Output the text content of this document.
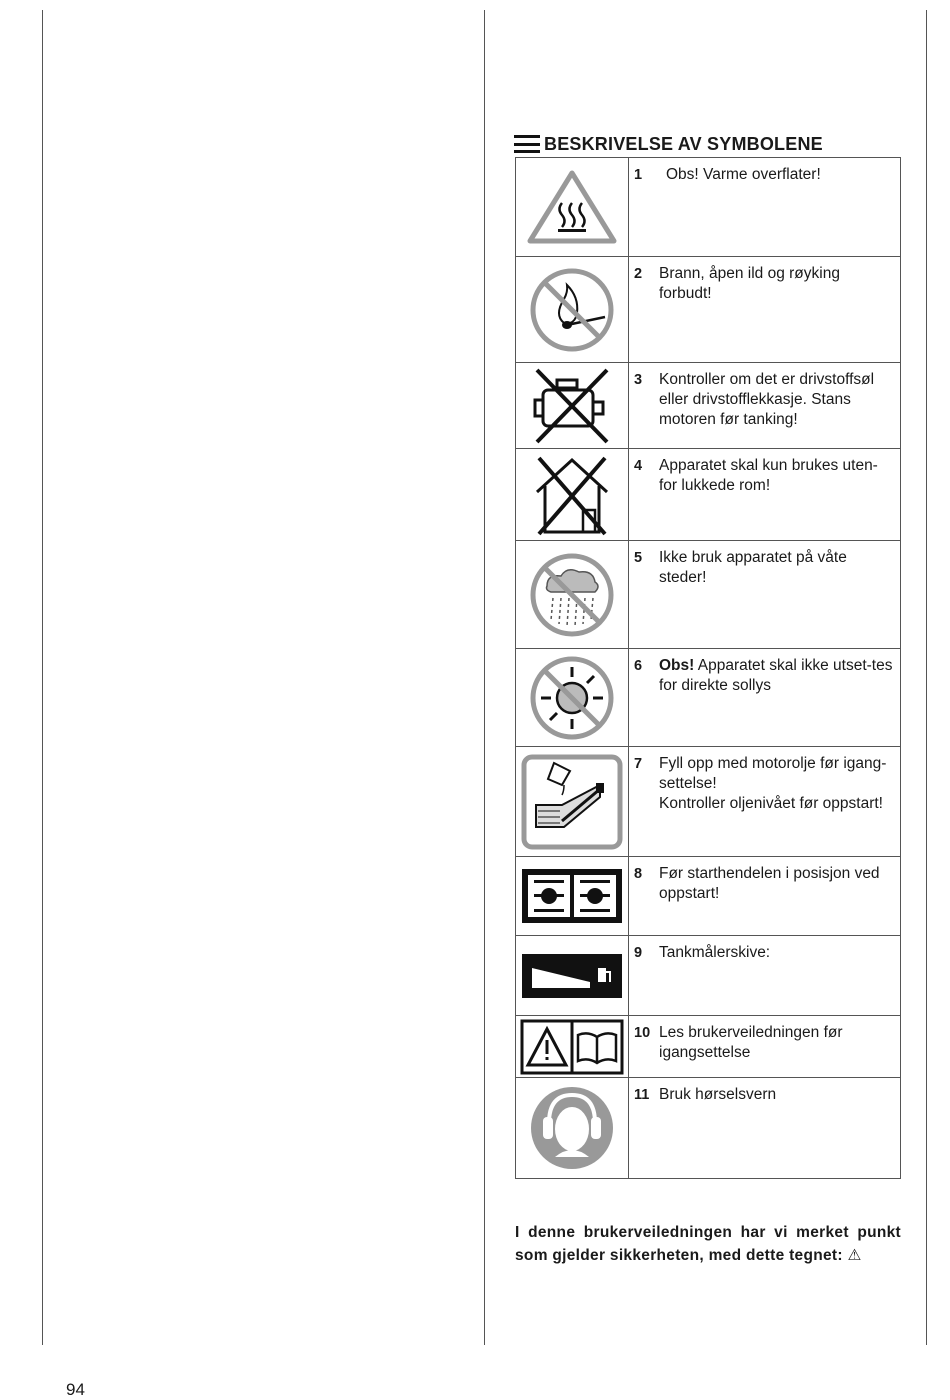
BESKRIVELSE AV SYMBOLENE

1 Obs! Varme overflater!

2 Brann, åpen ild og røyking forbudt!

3 Kontroller om det er drivstoffsøl eller drivstofflekkasje. Stans motoren før tanking!

4 Apparatet skal kun brukes uten-for lukkede rom!

5 Ikke bruk apparatet på våte steder!

6 Obs! Apparatet skal ikke utset-tes for direkte sollys

7 Fyll opp med motorolje før igang-settelse!
Kontroller oljenivået før oppstart!

8 Før starthendelen i posisjon ved oppstart!

9 Tankmålerskive:

10 Les brukerveiledningen før igangsettelse

11 Bruk hørselsvern
I denne brukerveiledningen har vi merket punkt som gjelder sikkerheten, med dette tegnet: ⚠
94
